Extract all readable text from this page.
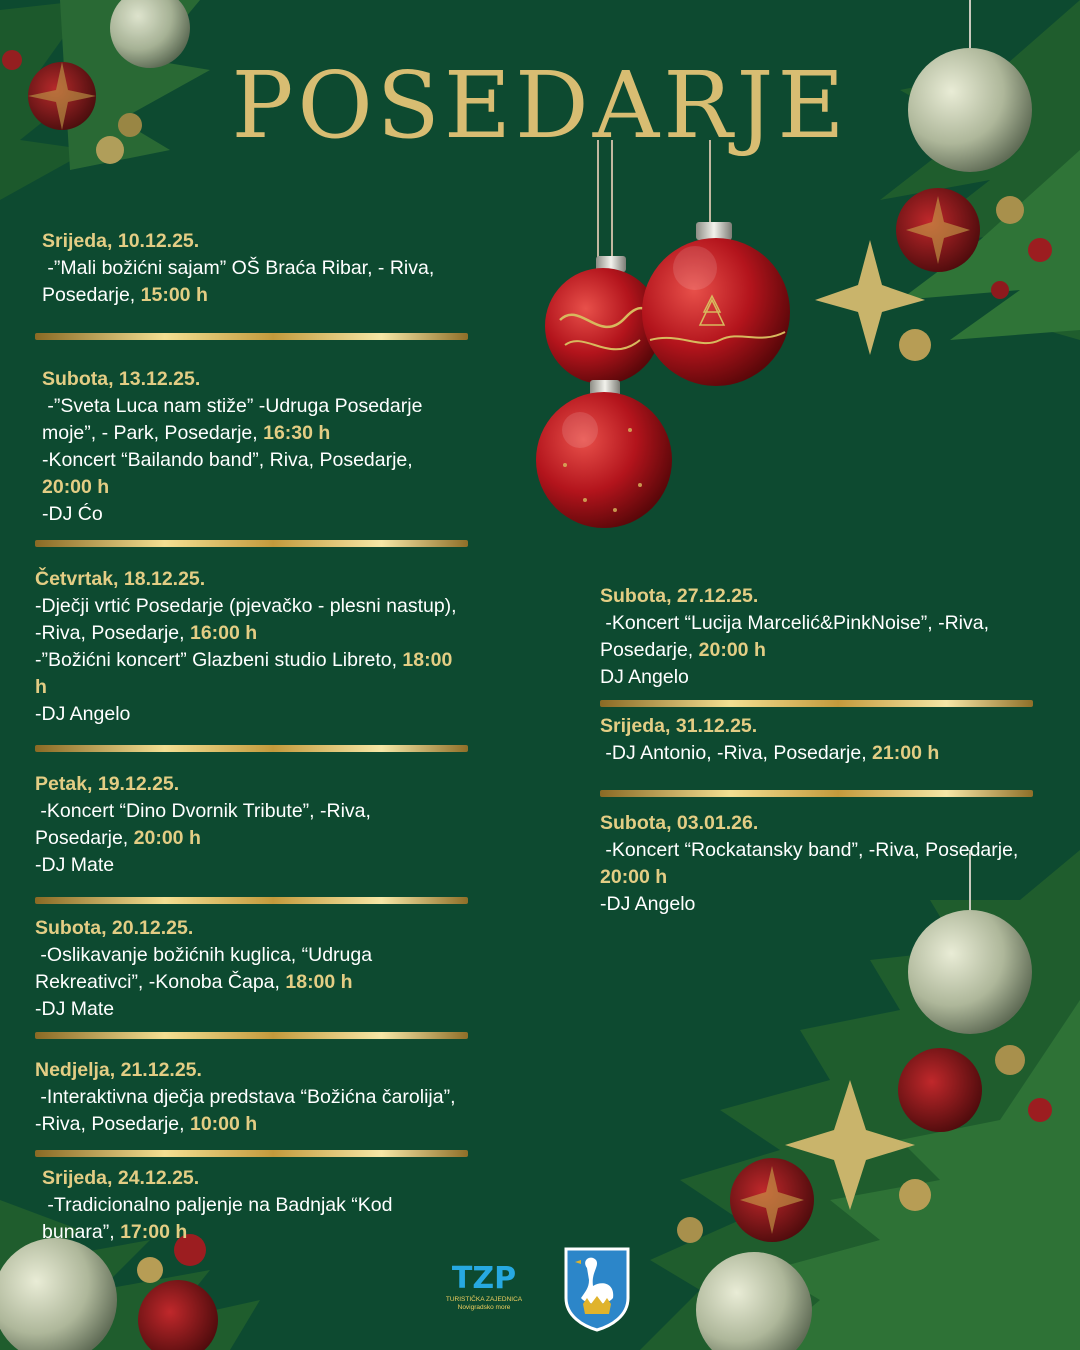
POSEDARJE
Srijeda, 10.12.25.
-”Mali božićni sajam” OŠ Braća Ribar, - Riva,
Posedarje, 15:00 h
Subota, 13.12.25.
-”Sveta Luca nam stiže” -Udruga Posedarje
moje”, - Park, Posedarje, 16:30 h
-Koncert “Bailando band”, Riva, Posedarje,
20:00 h
-DJ Ćo
Četvrtak, 18.12.25.
-Dječji vrtić Posedarje (pjevačko - plesni nastup),
-Riva, Posedarje, 16:00 h
-”Božićni koncert” Glazbeni studio Libreto, 18:00
h
-DJ Angelo
Petak, 19.12.25.
-Koncert “Dino Dvornik Tribute”, -Riva,
Posedarje, 20:00 h
-DJ Mate
Subota, 20.12.25.
-Oslikavanje božićnih kuglica, “Udruga
Rekreativci”, -Konoba Čapa, 18:00 h
-DJ Mate
Nedjelja, 21.12.25.
-Interaktivna dječja predstava “Božićna čarolija”,
-Riva, Posedarje, 10:00 h
Srijeda, 24.12.25.
-Tradicionalno paljenje na Badnjak “Kod
bunara”, 17:00 h
Subota, 27.12.25.
-Koncert “Lucija Marcelić&PinkNoise”, -Riva,
Posedarje, 20:00 h
DJ Angelo
Srijeda, 31.12.25.
-DJ Antonio, -Riva, Posedarje, 21:00 h
Subota, 03.01.26.
-Koncert “Rockatansky band”, -Riva, Posedarje,
20:00 h
-DJ Angelo
TZP
TURISTIČKA ZAJEDNICA
Novigradsko more
